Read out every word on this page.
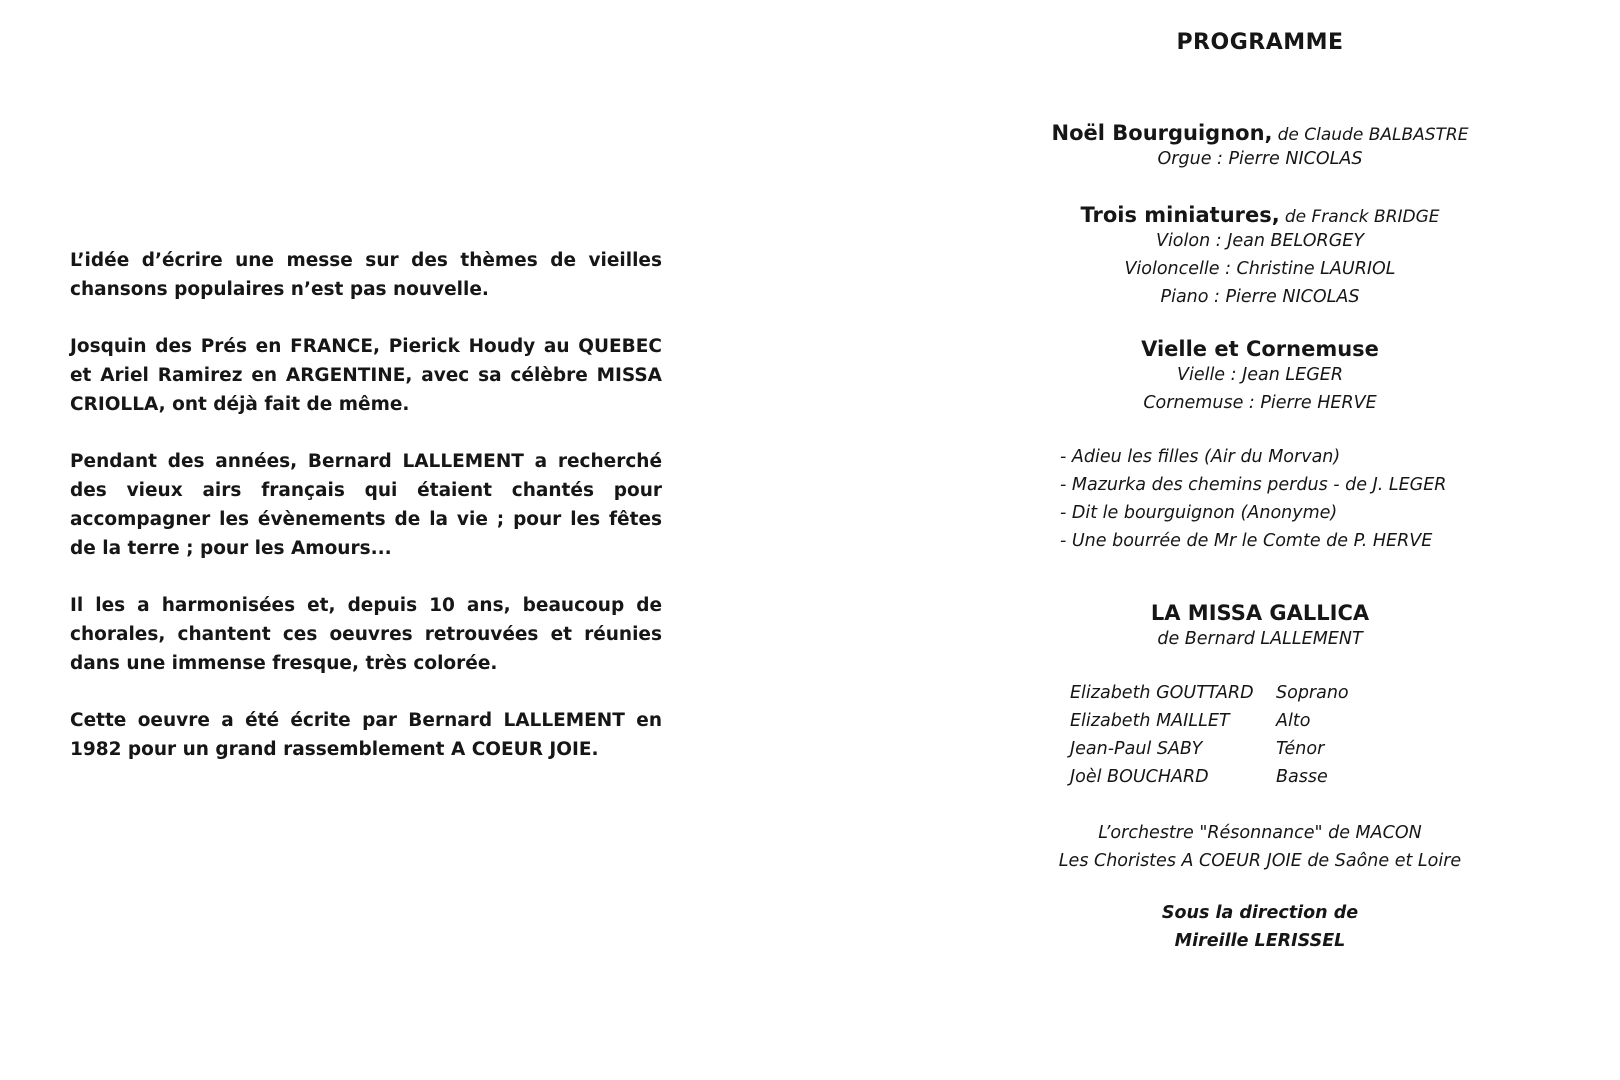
L’idée d’écrire une messe sur des thèmes de vieilles chansons populaires n’est pas nouvelle.

Josquin des Prés en FRANCE, Pierick Houdy au QUEBEC et Ariel Ramirez en ARGENTINE, avec sa célèbre MISSA CRIOLLA, ont déjà fait de même.

Pendant des années, Bernard LALLEMENT a recherché des vieux airs français qui étaient chantés pour accompagner les évènements de la vie ; pour les fêtes de la terre ; pour les Amours...

Il les a harmonisées et, depuis 10 ans, beaucoup de chorales, chantent ces oeuvres retrouvées et réunies dans une immense fresque, très colorée.

Cette oeuvre a été écrite par Bernard LALLEMENT en 1982 pour un grand rassemblement A COEUR JOIE.

PROGRAMME
Noël Bourguignon, de Claude BALBASTRE
Orgue : Pierre NICOLAS
Trois miniatures, de Franck BRIDGE
Violon : Jean BELORGEY
Violoncelle : Christine LAURIOL
Piano : Pierre NICOLAS
Vielle et Cornemuse
Vielle : Jean LEGER
Cornemuse : Pierre HERVE
- Adieu les filles (Air du Morvan)
- Mazurka des chemins perdus - de J. LEGER
- Dit le bourguignon (Anonyme)
- Une bourrée de Mr le Comte de P. HERVE
LA MISSA GALLICA
de Bernard LALLEMENT
Elizabeth GOUTTARD	Soprano
Elizabeth MAILLET	Alto
Jean-Paul SABY	Ténor
Joèl BOUCHARD	Basse
L’orchestre "Résonnance" de MACON
Les Choristes A COEUR JOIE de Saône et Loire
Sous la direction de
Mireille LERISSEL
